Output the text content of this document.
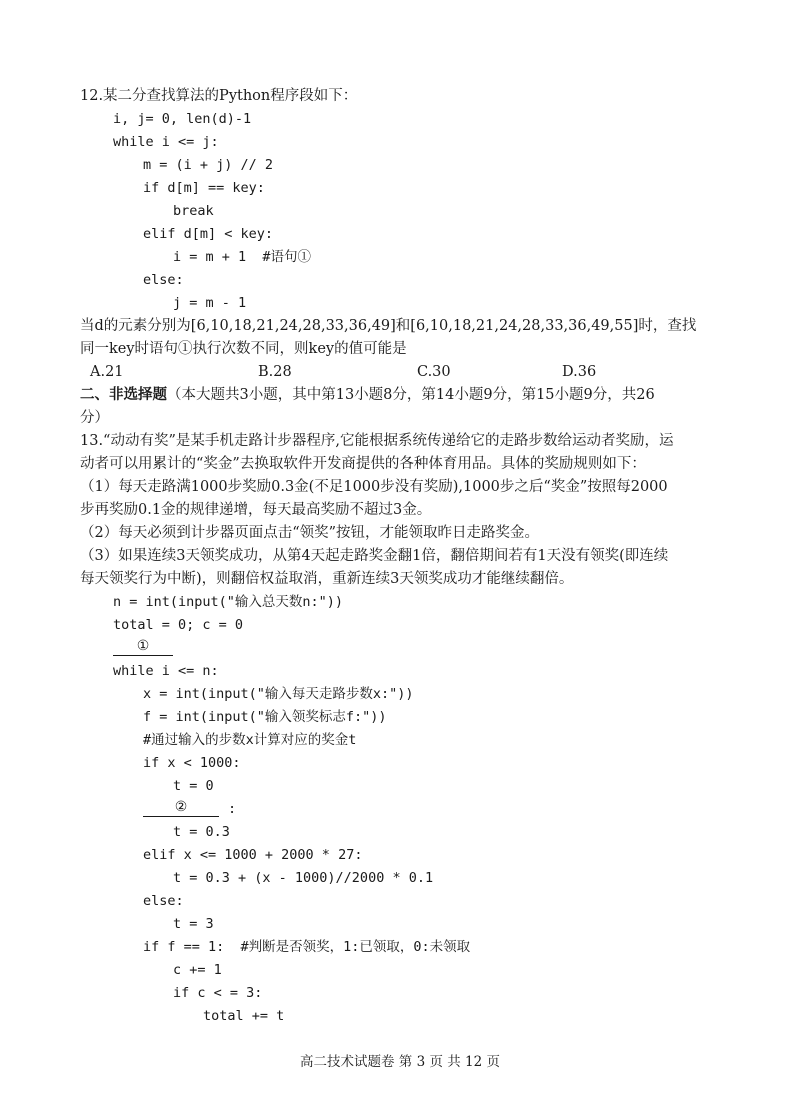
12.某二分查找算法的Python程序段如下：
i, j= 0, len(d)-1
while i <= j:
m = (i + j) // 2
if d[m] == key:
break
elif d[m] < key:
i = m + 1  #语句①
else:
j = m - 1
当d的元素分别为[6,10,18,21,24,28,33,36,49]和[6,10,18,21,24,28,33,36,49,55]时，查找
同一key时语句①执行次数不同，则key的值可能是
A.21	B.28	C.30	D.36
二、非选择题（本大题共3小题，其中第13小题8分，第14小题9分，第15小题9分，共26
分）
13.“动动有奖”是某手机走路计步器程序,它能根据系统传递给它的走路步数给运动者奖励，运
动者可以用累计的“奖金”去换取软件开发商提供的各种体育用品。具体的奖励规则如下：
（1）每天走路满1000步奖励0.3金(不足1000步没有奖励),1000步之后“奖金”按照每2000
步再奖励0.1金的规律递增，每天最高奖励不超过3金。
（2）每天必须到计步器页面点击“领奖”按钮，才能领取昨日走路奖金。
（3）如果连续3天领奖成功，从第4天起走路奖金翻1倍，翻倍期间若有1天没有领奖(即连续
每天领奖行为中断)，则翻倍权益取消，重新连续3天领奖成功才能继续翻倍。
n = int(input("输入总天数n:"))
total = 0; c = 0
①
while i <= n:
x = int(input("输入每天走路步数x:"))
f = int(input("输入领奖标志f:"))
#通过输入的步数x计算对应的奖金t
if x < 1000:
t = 0
②	:
t = 0.3
elif x <= 1000 + 2000 * 27:
t = 0.3 + (x - 1000)//2000 * 0.1
else:
t = 3
if f == 1:  #判断是否领奖，1:已领取，0:未领取
c += 1
if c < = 3:
total += t
高二技术试题卷 第 3 页 共 12 页
